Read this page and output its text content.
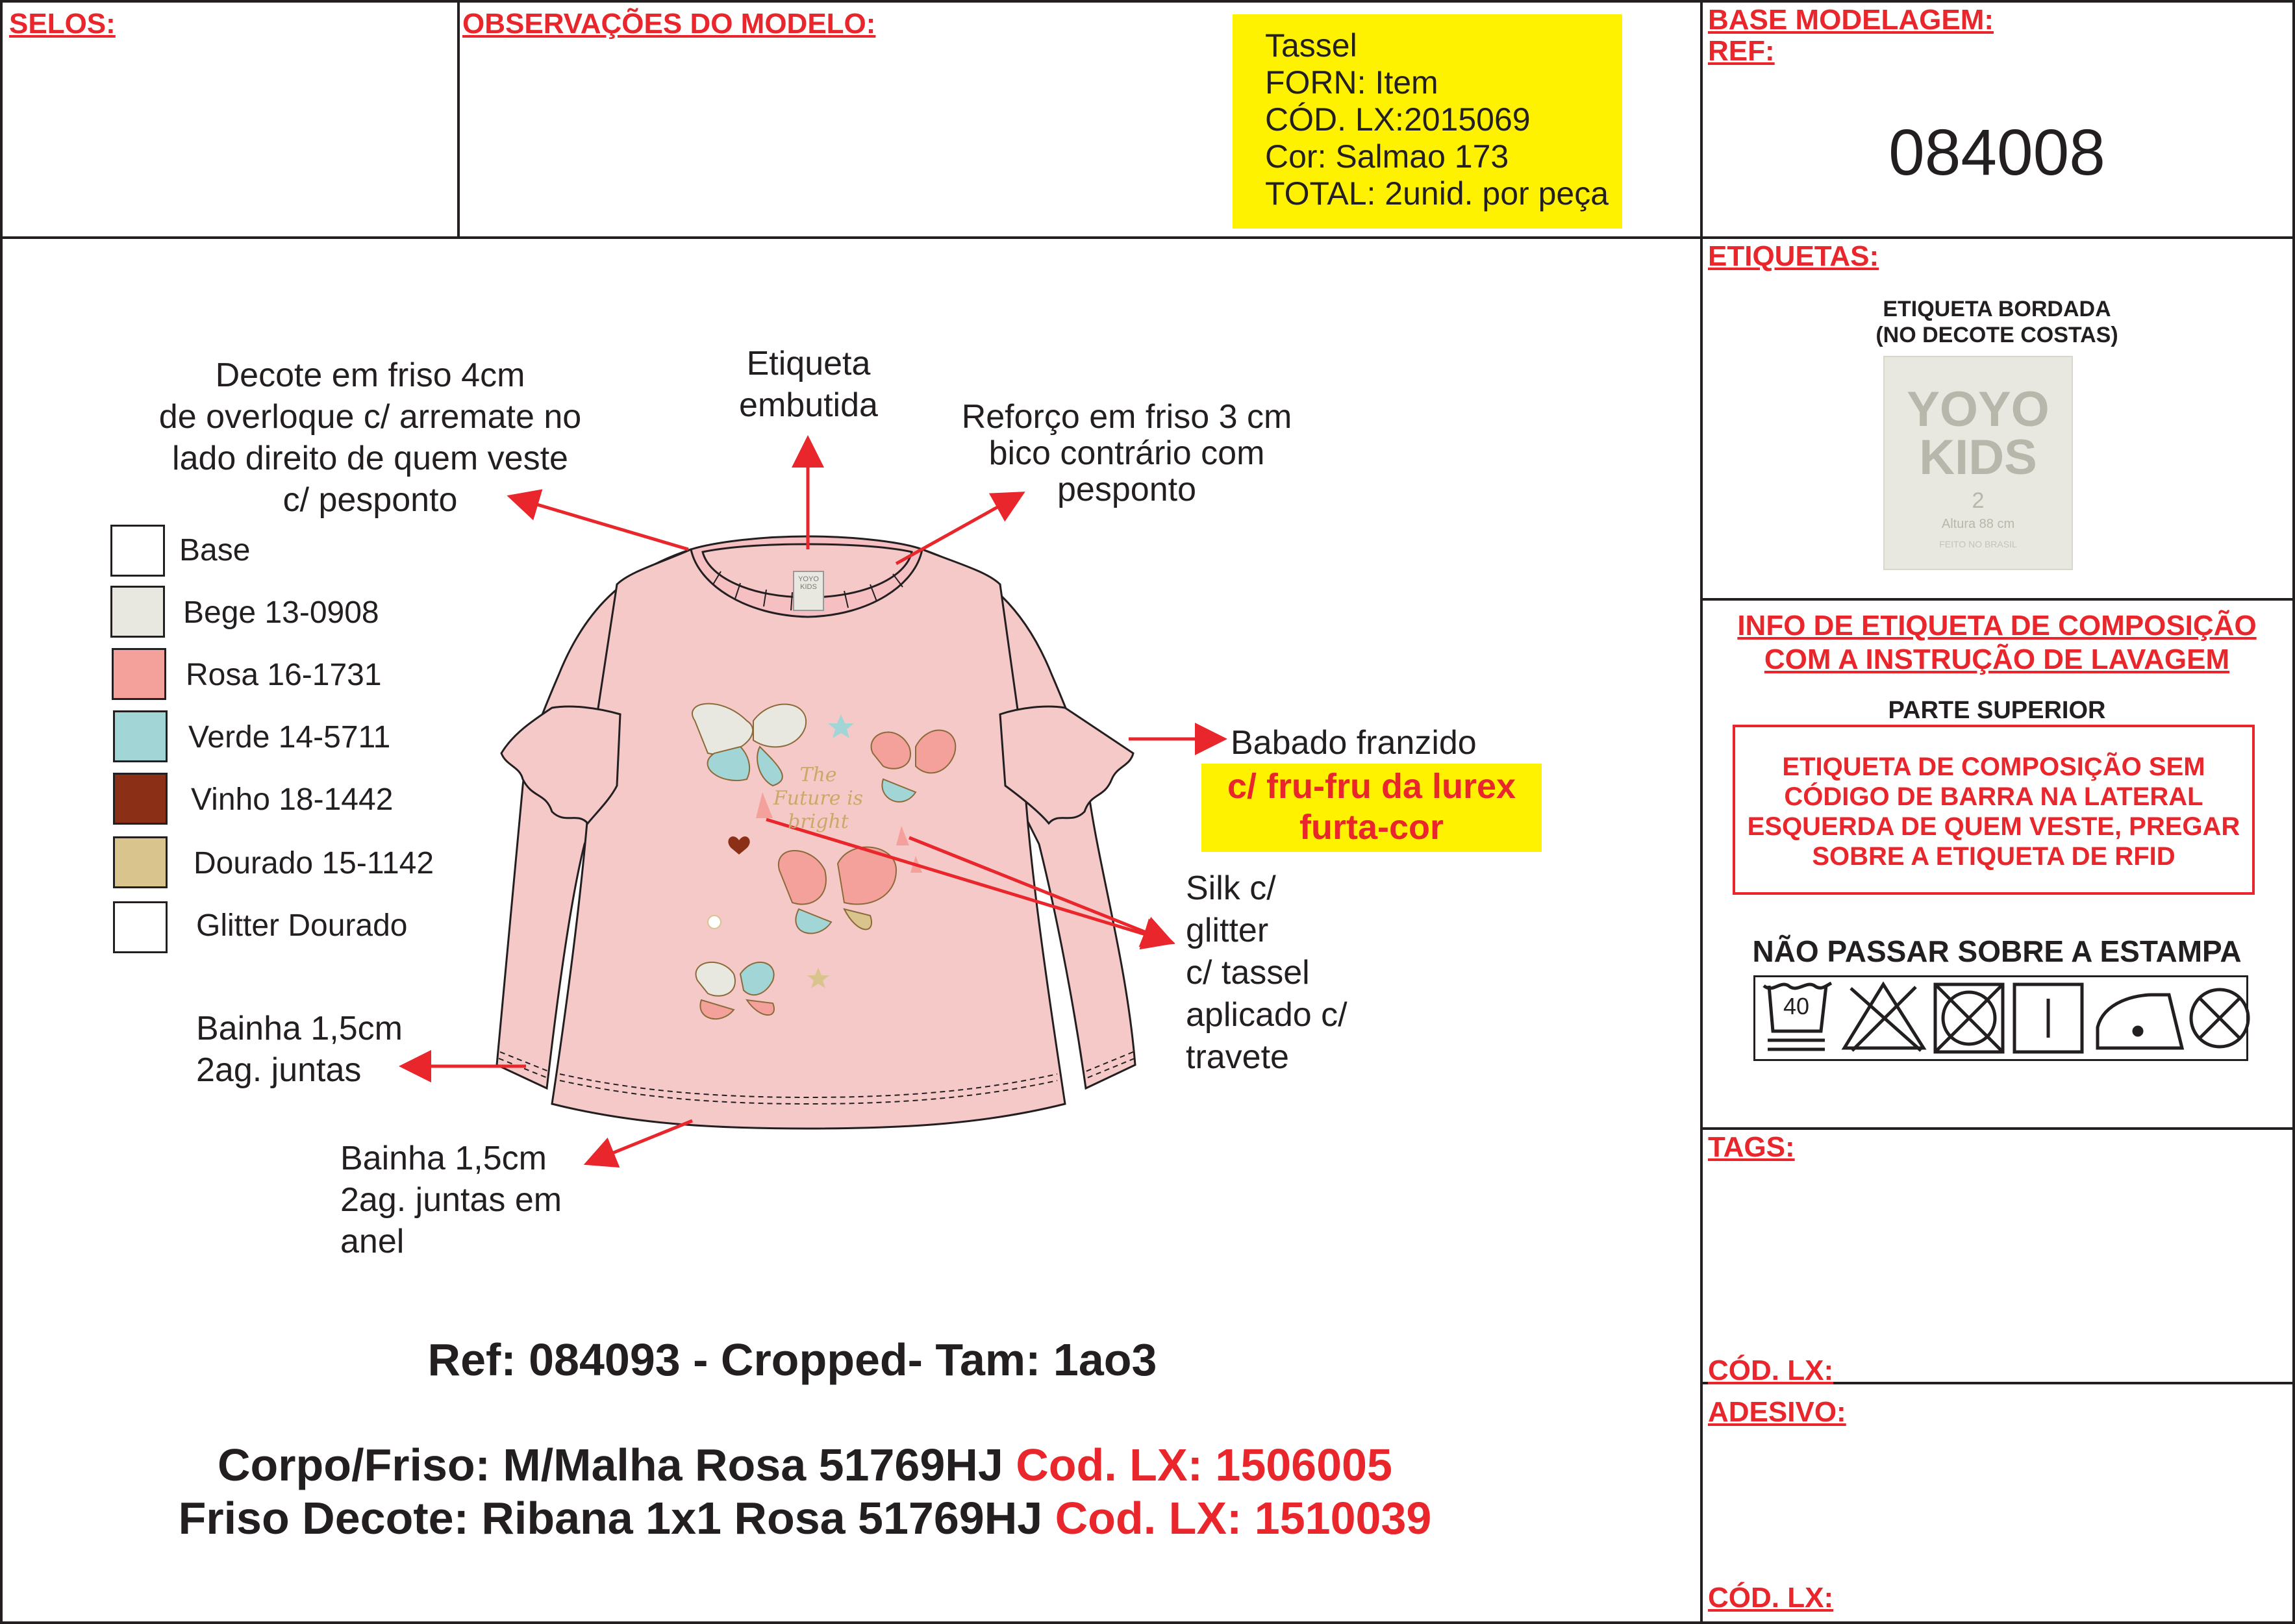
SELOS:	OBSERVAÇÕES DO MODELO:
Tassel
FORN: Item
CÓD. LX:2015069
Cor: Salmao 173
TOTAL: 2unid. por peça
BASE MODELAGEM:
REF:
084008
Decote em friso 4cm
de overloque c/ arremate no
lado direito de quem veste
c/ pesponto
Etiqueta
embutida	Reforço em friso 3 cm
bico contrário com
pesponto
Babado franzido
c/ fru-fru da lurex
furta-cor
Silk c/
glitter
c/ tassel
aplicado c/
travete
Bainha 1,5cm
2ag. juntas
Bainha 1,5cm
2ag. juntas em
anel
Base
Bege 13-0908
Rosa 16-1731
Verde 14-5711
Vinho 18-1442
Dourado 15-1142
Glitter Dourado
YOYO
KIDS
The
Future is
bright
Ref: 084093 - Cropped- Tam: 1ao3

Corpo/Friso: M/Malha Rosa 51769HJ Cod. LX: 1506005

Friso Decote: Ribana 1x1 Rosa 51769HJ Cod. LX: 1510039

ETIQUETAS:
ETIQUETA BORDADA
(NO DECOTE COSTAS)
YOYO
KIDS
2
Altura 88 cm
FEITO NO BRASIL
INFO DE ETIQUETA DE COMPOSIÇÃO
COM A INSTRUÇÃO DE LAVAGEM
PARTE SUPERIOR
ETIQUETA DE COMPOSIÇÃO SEM
CÓDIGO DE BARRA NA LATERAL
ESQUERDA DE QUEM VESTE, PREGAR
SOBRE A ETIQUETA DE RFID
NÃO PASSAR SOBRE A ESTAMPA
40
TAGS:
CÓD. LX:
ADESIVO:
CÓD. LX:
